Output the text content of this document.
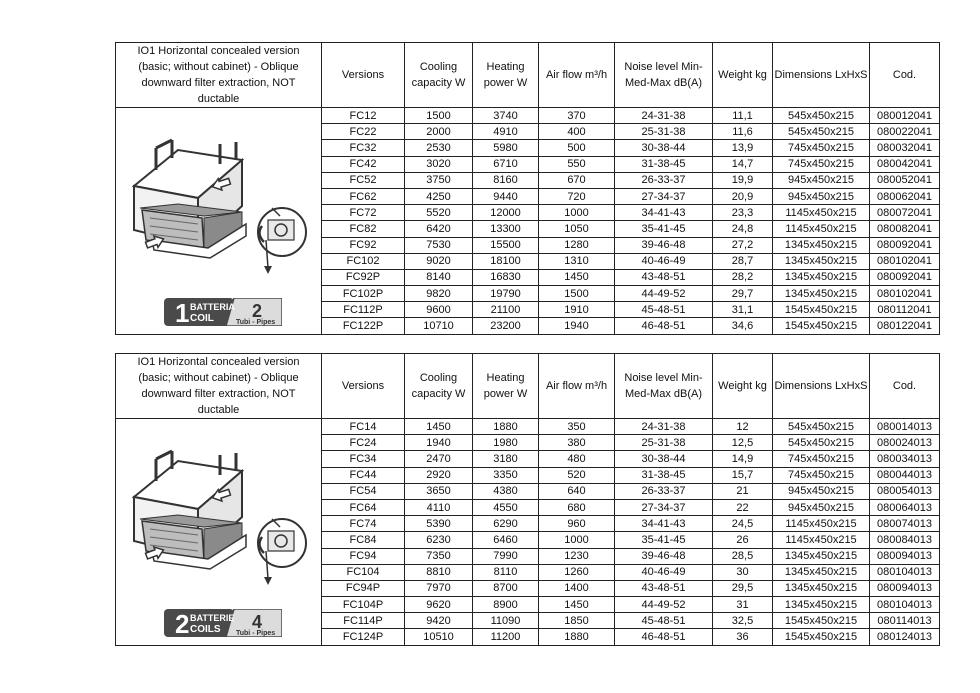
IO1 Horizontal concealed version (basic; without cabinet) - Oblique downward filter extraction, NOT ductable	Versions	Cooling capacity W	Heating power W	Air flow m³/h	Noise level Min-Med-Max dB(A)	Weight kg	Dimensions LxHxS	Cod.

1 BATTERIA
COIL 2
Tubi - Pipes	FC12	1500	3740	370	24-31-38	11,1	545x450x215	080012041
	FC22	2000	4910	400	25-31-38	11,6	545x450x215	080022041
	FC32	2530	5980	500	30-38-44	13,9	745x450x215	080032041
	FC42	3020	6710	550	31-38-45	14,7	745x450x215	080042041
	FC52	3750	8160	670	26-33-37	19,9	945x450x215	080052041
	FC62	4250	9440	720	27-34-37	20,9	945x450x215	080062041
	FC72	5520	12000	1000	34-41-43	23,3	1145x450x215	080072041
	FC82	6420	13300	1050	35-41-45	24,8	1145x450x215	080082041
	FC92	7530	15500	1280	39-46-48	27,2	1345x450x215	080092041
	FC102	9020	18100	1310	40-46-49	28,7	1345x450x215	080102041
	FC92P	8140	16830	1450	43-48-51	28,2	1345x450x215	080092041
	FC102P	9820	19790	1500	44-49-52	29,7	1345x450x215	080102041
	FC112P	9600	21100	1910	45-48-51	31,1	1545x450x215	080112041
	FC122P	10710	23200	1940	46-48-51	34,6	1545x450x215	080122041
IO1 Horizontal concealed version (basic; without cabinet) - Oblique downward filter extraction, NOT ductable	Versions	Cooling capacity W	Heating power W	Air flow m³/h	Noise level Min-Med-Max dB(A)	Weight kg	Dimensions LxHxS	Cod.

2 BATTERIE
COILS 4
Tubi - Pipes	FC14	1450	1880	350	24-31-38	12	545x450x215	080014013
	FC24	1940	1980	380	25-31-38	12,5	545x450x215	080024013
	FC34	2470	3180	480	30-38-44	14,9	745x450x215	080034013
	FC44	2920	3350	520	31-38-45	15,7	745x450x215	080044013
	FC54	3650	4380	640	26-33-37	21	945x450x215	080054013
	FC64	4110	4550	680	27-34-37	22	945x450x215	080064013
	FC74	5390	6290	960	34-41-43	24,5	1145x450x215	080074013
	FC84	6230	6460	1000	35-41-45	26	1145x450x215	080084013
	FC94	7350	7990	1230	39-46-48	28,5	1345x450x215	080094013
	FC104	8810	8110	1260	40-46-49	30	1345x450x215	080104013
	FC94P	7970	8700	1400	43-48-51	29,5	1345x450x215	080094013
	FC104P	9620	8900	1450	44-49-52	31	1345x450x215	080104013
	FC114P	9420	11090	1850	45-48-51	32,5	1545x450x215	080114013
	FC124P	10510	11200	1880	46-48-51	36	1545x450x215	080124013
